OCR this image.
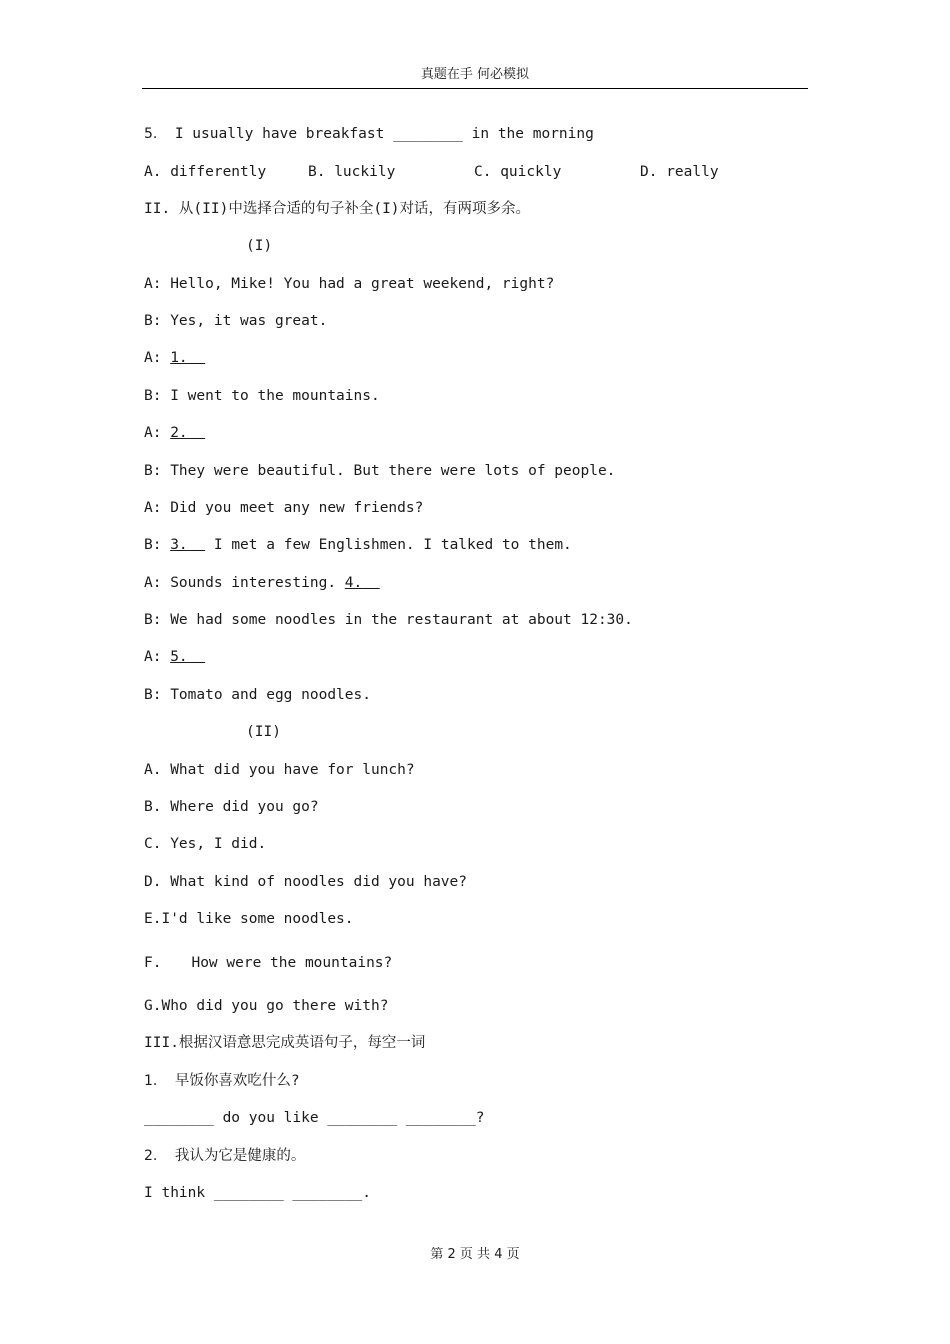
真题在手 何必模拟
5. I usually have breakfast ________ in the morning
A. differently	B. luckily	C. quickly	D. really
II. 从(II)中选择合适的句子补全(I)对话，有两项多余。
(I)
A: Hello, Mike! You had a great weekend, right?
B: Yes, it was great.
A: 1.
B: I went to the mountains.
A: 2.
B: They were beautiful. But there were lots of people.
A: Did you meet any new friends?
B: 3.   I met a few Englishmen. I talked to them.
A: Sounds interesting. 4.
B: We had some noodles in the restaurant at about 12:30.
A: 5.
B: Tomato and egg noodles.
(II)
A. What did you have for lunch?
B. Where did you go?
C. Yes, I did.
D. What kind of noodles did you have?
E.I'd like some noodles.
F. How were the mountains?
G.Who did you go there with?
III.根据汉语意思完成英语句子，每空一词
1. 早饭你喜欢吃什么?
________ do you like ________ ________?
2. 我认为它是健康的。
I think ________ ________.
第 2 页 共 4 页
